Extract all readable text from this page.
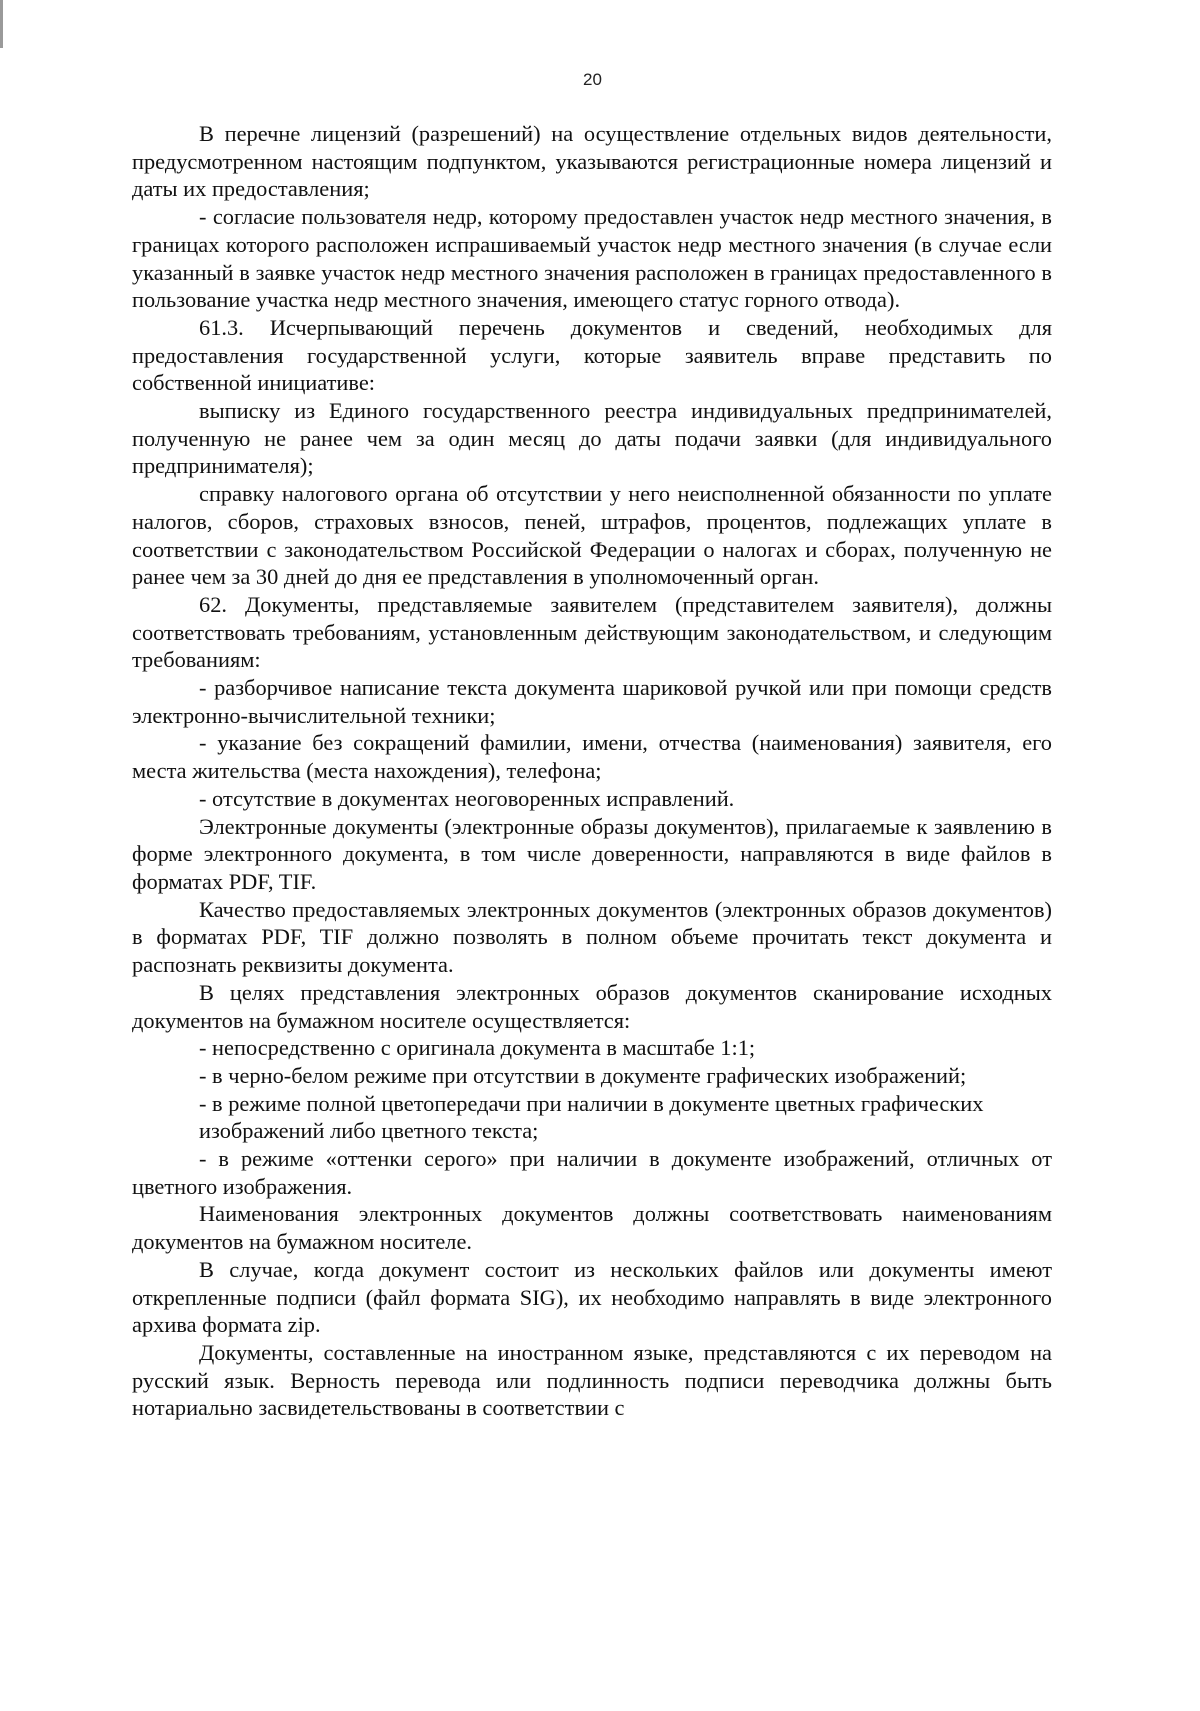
20

В перечне лицензий (разрешений) на осуществление отдельных видов деятельности, предусмотренном настоящим подпунктом, указываются регистрационные номера лицензий и даты их предоставления;

- согласие пользователя недр, которому предоставлен участок недр местного значения, в границах которого расположен испрашиваемый участок недр местного значения (в случае если указанный в заявке участок недр местного значения расположен в границах предоставленного в пользование участка недр местного значения, имеющего статус горного отвода).

61.3. Исчерпывающий перечень документов и сведений, необходимых для предоставления государственной услуги, которые заявитель вправе представить по собственной инициативе:

выписку из Единого государственного реестра индивидуальных предпринимателей, полученную не ранее чем за один месяц до даты подачи заявки (для индивидуального предпринимателя);

справку налогового органа об отсутствии у него неисполненной обязанности по уплате налогов, сборов, страховых взносов, пеней, штрафов, процентов, подлежащих уплате в соответствии с законодательством Российской Федерации о налогах и сборах, полученную не ранее чем за 30 дней до дня ее представления в уполномоченный орган.

62. Документы, представляемые заявителем (представителем заявителя), должны соответствовать требованиям, установленным действующим законодательством, и следующим требованиям:

- разборчивое написание текста документа шариковой ручкой или при помощи средств электронно-вычислительной техники;

- указание без сокращений фамилии, имени, отчества (наименования) заявителя, его места жительства (места нахождения), телефона;

- отсутствие в документах неоговоренных исправлений.

Электронные документы (электронные образы документов), прилагаемые к заявлению в форме электронного документа, в том числе доверенности, направляются в виде файлов в форматах PDF, TIF.

Качество предоставляемых электронных документов (электронных образов документов) в форматах PDF, TIF должно позволять в полном объеме прочитать текст документа и распознать реквизиты документа.

В целях представления электронных образов документов сканирование исходных документов на бумажном носителе осуществляется:

- непосредственно с оригинала документа в масштабе 1:1;

- в черно-белом режиме при отсутствии в документе графических изображений;

- в режиме полной цветопередачи при наличии в документе цветных графических изображений либо цветного текста;

- в режиме «оттенки серого» при наличии в документе изображений, отличных от цветного изображения.

Наименования электронных документов должны соответствовать наименованиям документов на бумажном носителе.

В случае, когда документ состоит из нескольких файлов или документы имеют открепленные подписи (файл формата SIG), их необходимо направлять в виде электронного архива формата zip.

Документы, составленные на иностранном языке, представляются с их переводом на русский язык. Верность перевода или подлинность подписи переводчика должны быть нотариально засвидетельствованы в соответствии с
